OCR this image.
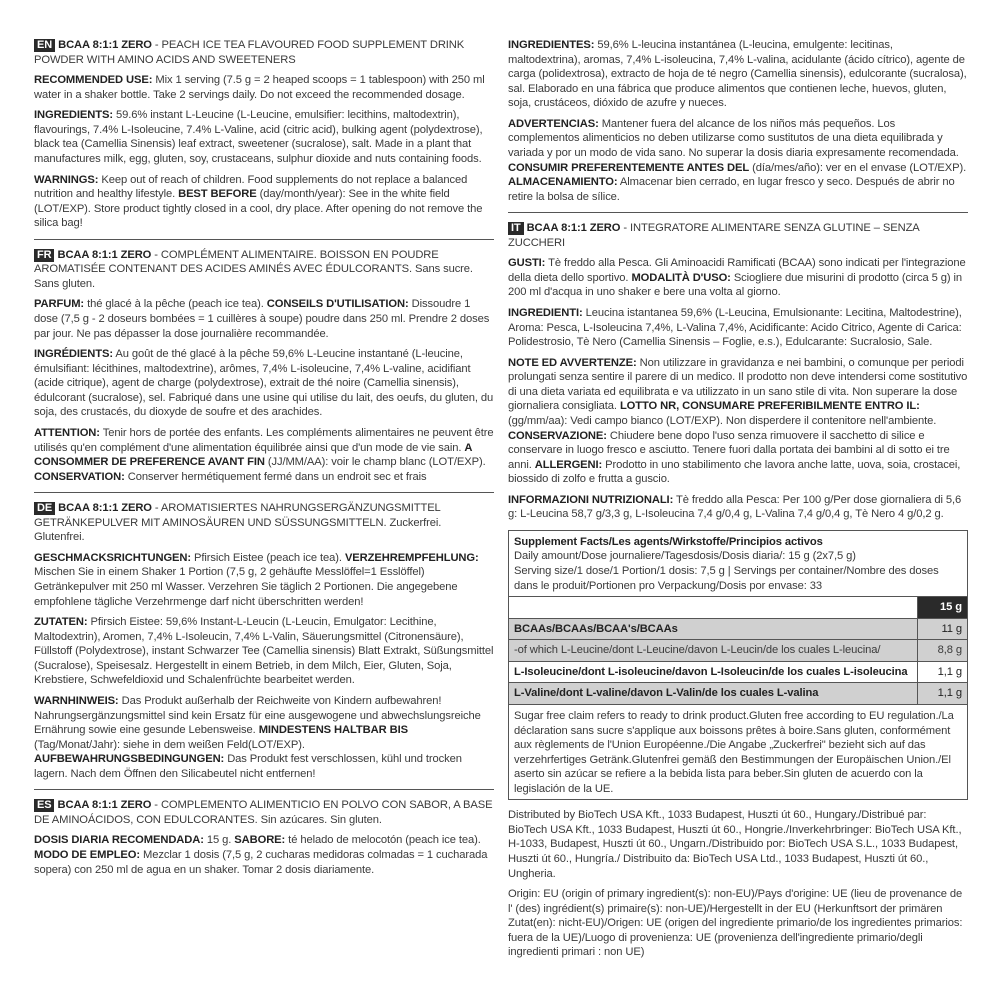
EN BCAA 8:1:1 ZERO - PEACH ICE TEA FLAVOURED FOOD SUPPLEMENT DRINK POWDER WITH AMINO ACIDS AND SWEETENERS

RECOMMENDED USE: Mix 1 serving (7.5 g = 2 heaped scoops = 1 tablespoon) with 250 ml water in a shaker bottle. Take 2 servings daily. Do not exceed the recommended dosage.

INGREDIENTS: 59.6% instant L-Leucine (L-Leucine, emulsifier: lecithins, maltodextrin), flavourings, 7.4% L-Isoleucine, 7.4% L-Valine, acid (citric acid), bulking agent (polydextrose), black tea (Camellia Sinensis) leaf extract, sweetener (sucralose), salt. Made in a plant that manufactures milk, egg, gluten, soy, crustaceans, sulphur dioxide and nuts containing foods.

WARNINGS: Keep out of reach of children. Food supplements do not replace a balanced nutrition and healthy lifestyle. BEST BEFORE (day/month/year): See in the white field (LOT/EXP). Store product tightly closed in a cool, dry place. After opening do not remove the silica bag!

FR BCAA 8:1:1 ZERO - COMPLÉMENT ALIMENTAIRE. BOISSON EN POUDRE AROMATISÉE CONTENANT DES ACIDES AMINÉS AVEC ÉDULCORANTS. Sans sucre. Sans gluten.

PARFUM: thé glacé à la pêche (peach ice tea). CONSEILS D'UTILISATION: Dissoudre 1 dose (7,5 g - 2 doseurs bombées = 1 cuillères à soupe) poudre dans 250 ml. Prendre 2 doses par jour. Ne pas dépasser la dose journalière recommandée.

INGRÉDIENTS: Au goût de thé glacé à la pêche 59,6% L-Leucine instantané (L-leucine, émulsifiant: lécithines, maltodextrine), arômes, 7,4% L-isoleucine, 7,4% L-valine, acidifiant (acide citrique), agent de charge (polydextrose), extrait de thé noire (Camellia sinensis), édulcorant (sucralose), sel. Fabriqué dans une usine qui utilise du lait, des oeufs, du gluten, du soja, des crustacés, du dioxyde de soufre et des arachides.

ATTENTION: Tenir hors de portée des enfants. Les compléments alimentaires ne peuvent être utilisés qu'en complément d'une alimentation équilibrée ainsi que d'un mode de vie sain. A CONSOMMER DE PREFERENCE AVANT FIN (JJ/MM/AA): voir le champ blanc (LOT/EXP). CONSERVATION: Conserver hermétiquement fermé dans un endroit sec et frais

DE BCAA 8:1:1 ZERO - AROMATISIERTES NAHRUNGSERGÄNZUNGSMITTEL GETRÄNKEPULVER MIT AMINOSÄUREN UND SÜSSUNGSMITTELN. Zuckerfrei. Glutenfrei.

GESCHMACKSRICHTUNGEN: Pfirsich Eistee (peach ice tea). VERZEHREMPFEHLUNG: Mischen Sie in einem Shaker 1 Portion (7,5 g, 2 gehäufte Messlöffel=1 Esslöffel) Getränkepulver mit 250 ml Wasser. Verzehren Sie täglich 2 Portionen. Die angegebene empfohlene tägliche Verzehrmenge darf nicht überschritten werden!

ZUTATEN: Pfirsich Eistee: 59,6% Instant-L-Leucin (L-Leucin, Emulgator: Lecithine, Maltodextrin), Aromen, 7,4% L-Isoleucin, 7,4% L-Valin, Säuerungsmittel (Citronensäure), Füllstoff (Polydextrose), instant Schwarzer Tee (Camellia sinensis) Blatt Extrakt, Süßungsmittel (Sucralose), Speisesalz. Hergestellt in einem Betrieb, in dem Milch, Eier, Gluten, Soja, Krebstiere, Schwefeldioxid und Schalenfrüchte bearbeitet werden.

WARNHINWEIS: Das Produkt außerhalb der Reichweite von Kindern aufbewahren! Nahrungsergänzungsmittel sind kein Ersatz für eine ausgewogene und abwechslungsreiche Ernährung sowie eine gesunde Lebensweise. MINDESTENS HALTBAR BIS (Tag/Monat/Jahr): siehe in dem weißen Feld(LOT/EXP). AUFBEWAHRUNGSBEDINGUNGEN: Das Produkt fest verschlossen, kühl und trocken lagern. Nach dem Öffnen den Silicabeutel nicht entfernen!

ES BCAA 8:1:1 ZERO - COMPLEMENTO ALIMENTICIO EN POLVO CON SABOR, A BASE DE AMINOÁCIDOS, CON EDULCORANTES. Sin azúcares. Sin gluten.

DOSIS DIARIA RECOMENDADA: 15 g. SABORE: té helado de melocotón (peach ice tea). MODO DE EMPLEO: Mezclar 1 dosis (7,5 g, 2 cucharas medidoras colmadas = 1 cucharada sopera) con 250 ml de agua en un shaker. Tomar 2 dosis diariamente.

INGREDIENTES: 59,6% L-leucina instantánea (L-leucina, emulgente: lecitinas, maltodextrina), aromas, 7,4% L-isoleucina, 7,4% L-valina, acidulante (ácido cítrico), agente de carga (polidextrosa), extracto de hoja de té negro (Camellia sinensis), edulcorante (sucralosa), sal. Elaborado en una fábrica que produce alimentos que contienen leche, huevos, gluten, soja, crustáceos, dióxido de azufre y nueces.

ADVERTENCIAS: Mantener fuera del alcance de los niños más pequeños. Los complementos alimenticios no deben utilizarse como sustitutos de una dieta equilibrada y variada y por un modo de vida sano. No superar la dosis diaria expresamente recomendada. CONSUMIR PREFERENTEMENTE ANTES DEL (día/mes/año): ver en el envase (LOT/EXP). ALMACENAMIENTO: Almacenar bien cerrado, en lugar fresco y seco. Después de abrir no retire la bolsa de sílice.

IT BCAA 8:1:1 ZERO - INTEGRATORE ALIMENTARE SENZA GLUTINE – SENZA ZUCCHERI

GUSTI: Tè freddo alla Pesca. Gli Aminoacidi Ramificati (BCAA) sono indicati per l'integrazione della dieta dello sportivo. MODALITÀ D'USO: Sciogliere due misurini di prodotto (circa 5 g) in 200 ml d'acqua in uno shaker e bere una volta al giorno.

INGREDIENTI: Leucina istantanea 59,6% (L-Leucina, Emulsionante: Lecitina, Maltodestrine), Aroma: Pesca, L-Isoleucina 7,4%, L-Valina 7,4%, Acidificante: Acido Citrico, Agente di Carica: Polidestrosio, Tè Nero (Camellia Sinensis – Foglie, e.s.), Edulcarante: Sucralosio, Sale.

NOTE ED AVVERTENZE: Non utilizzare in gravidanza e nei bambini, o comunque per periodi prolungati senza sentire il parere di un medico. Il prodotto non deve intendersi come sostitutivo di una dieta variata ed equilibrata e va utilizzato in un sano stile di vita. Non superare la dose giornaliera consigliata. LOTTO NR, CONSUMARE PREFERIBILMENTE ENTRO IL: (gg/mm/aa): Vedi campo bianco (LOT/EXP). Non disperdere il contenitore nell'ambiente. CONSERVAZIONE: Chiudere bene dopo l'uso senza rimuovere il sacchetto di silice e conservare in luogo fresco e asciutto. Tenere fuori dalla portata dei bambini al di sotto ei tre anni. ALLERGENI: Prodotto in uno stabilimento che lavora anche latte, uova, soia, crostacei, biossido di zolfo e frutta a guscio.

INFORMAZIONI NUTRIZIONALI: Tè freddo alla Pesca: Per 100 g/Per dose giornaliera di 5,6 g: L-Leucina 58,7 g/3,3 g, L-Isoleucina 7,4 g/0,4 g, L-Valina 7,4 g/0,4 g, Tè Nero 4 g/0,2 g.

Supplement Facts/Les agents/Wirkstoffe/Principios activos
Daily amount/Dose journaliere/Tagesdosis/Dosis diaria/: 15 g (2x7,5 g)
Serving size/1 dose/1 Portion/1 dosis: 7,5 g | Servings per container/Nombre des doses dans le produit/Portionen pro Verpackung/Dosis por envase: 33
	15 g
BCAAs/BCAAs/BCAA's/BCAAs	11 g
-of which L-Leucine/dont L-Leucine/davon L-Leucin/de los cuales L-leucina/	8,8 g
L-Isoleucine/dont L-isoleucine/davon L-Isoleucin/de los cuales L-isoleucina	1,1 g
L-Valine/dont L-valine/davon L-Valin/de los cuales L-valina	1,1 g
Sugar free claim refers to ready to drink product.Gluten free according to EU regulation./La déclaration sans sucre s'applique aux boissons prêtes à boire.Sans gluten, conformément aux règlements de l'Union Européenne./Die Angabe „Zuckerfrei" bezieht sich auf das verzehrfertiges Getränk.Glutenfrei gemäß den Bestimmungen der Europäischen Union./El aserto sin azúcar se refiere a la bebida lista para beber.Sin gluten de acuerdo con la legislación de la UE.

Distributed by BioTech USA Kft., 1033 Budapest, Huszti út 60., Hungary./Distribué par: BioTech USA Kft., 1033 Budapest, Huszti út 60., Hongrie./Inverkehrbringer: BioTech USA Kft., H-1033, Budapest, Huszti út 60., Ungarn./Distribuido por: BioTech USA S.L., 1033 Budapest, Huszti út 60., Hungría./ Distribuito da: BioTech USA Ltd., 1033 Budapest, Huszti út 60., Ungheria.

Origin: EU (origin of primary ingredient(s): non-EU)/Pays d'origine: UE (lieu de provenance de l' (des) ingrédient(s) primaire(s): non-UE)/Hergestellt in der EU (Herkunftsort der primären Zutat(en): nicht-EU)/Origen: UE (origen del ingrediente primario/de los ingredientes primarios: fuera de la UE)/Luogo di provenienza: UE (provenienza dell'ingrediente primario/degli ingredienti primari : non UE)
